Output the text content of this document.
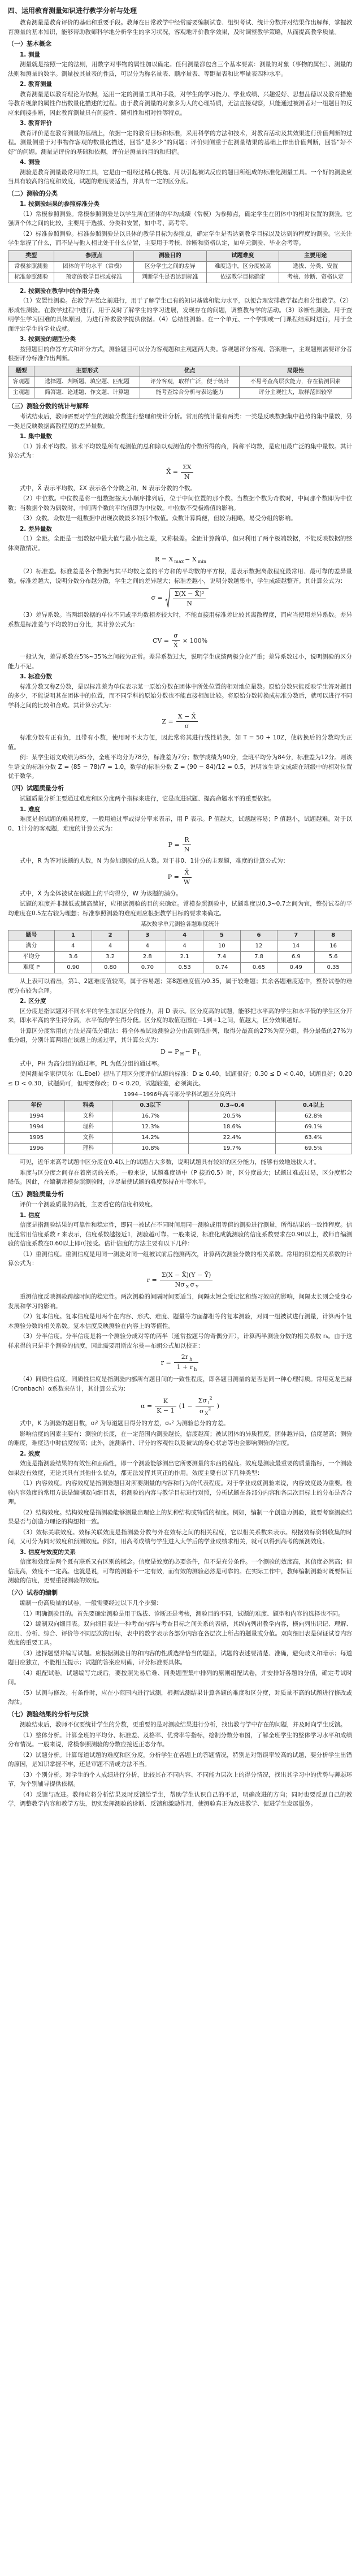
四、运用教育测量知识进行教学分析与处理

教育测量是教育评价的基础和重要手段。教师在日常教学中经常需要编制试卷、组织考试、统计分数并对结果作出解释，掌握教育测量的基本知识，能够帮助教师科学地分析学生的学习状况，客观地评价教学效果，及时调整教学策略，从而提高教学质量。

（一）基本概念
1. 测量

测量就是按照一定的法则，用数字对事物的属性加以确定。任何测量都包含三个基本要素：测量的对象（事物的属性）、测量的法则和测量的数字。测量按其量表的性质，可以分为称名量表、顺序量表、等距量表和比率量表四种水平。

2. 教育测量

教育测量是以教育理论为依据，运用一定的测量工具和手段，对学生的学习能力、学业成绩、兴趣爱好、思想品德以及教育措施等教育现象的属性作出数量化描述的过程。由于教育测量的对象多为人的心理特质，无法直接观察，只能通过被测者对一组题目的反应来间接推断，因此教育测量具有间接性、随机性和相对性等特点。

3. 教育评价

教育评价是在教育测量的基础上，依据一定的教育目标和标准，采用科学的方法和技术，对教育活动及其效果进行价值判断的过程。测量侧重于对事物作客观的数量化描述，回答“是多少”的问题；评价则侧重于在测量结果的基础上作出价值判断，回答“好不好”的问题。测量是评价的基础和依据，评价是测量的目的和归宿。

4. 测验

测验是教育测量最常用的工具，它是由一组经过精心挑选、用以引起被试反应的题目所组成的标准化测量工具。一个好的测验应当具有较高的信度和效度，试题的难度要适当，并具有一定的区分度。

（二）测验的分类
1. 按测验结果的参照标准分类

（1）常模参照测验。常模参照测验是以学生所在团体的平均成绩（常模）为参照点，确定学生在团体中的相对位置的测验。它强调个体之间的比较，主要用于选拔、分类和安置，如中考、高考等。

（2）标准参照测验。标准参照测验是以具体的教学目标为参照点，确定学生是否达到教学目标以及达到的程度的测验。它关注学生掌握了什么，而不是与他人相比处于什么位置，主要用于考核、诊断和资格认定，如单元测验、毕业会考等。

类型	参照点	测验目的	试题难度	主要用途
常模参照测验	团体的平均水平（常模）	区分学生之间的差异	难度适中，区分度较高	选拔、分类、安置
标准参照测验	预定的教学目标或标准	判断学生是否达到标准	依据教学目标确定	考核、诊断、资格认定
2. 按测验在教学中的作用分类

（1）安置性测验。在教学开始之前进行，用于了解学生已有的知识基础和能力水平，以便合理安排教学起点和分组教学。（2）形成性测验。在教学过程中进行，用于及时了解学生的学习进展，发现存在的问题，调整教与学的活动。（3）诊断性测验。用于查明学生学习困难的具体原因，为进行补救教学提供依据。（4）总结性测验。在一个单元、一个学期或一门课程结束时进行，用于全面评定学生的学业成就。

3. 按测验的题型分类

按照题目的作答方式和评分方式，测验题目可以分为客观题和主观题两大类。客观题评分客观、答案唯一，主观题则需要评分者根据评分标准作出判断。

题型	主要形式	优点	局限性
客观题	选择题、判断题、填空题、匹配题	评分客观，取样广泛，便于统计	不易考查高层次能力，存在猜测因素
主观题	简答题、论述题、作文题、计算题	能考查综合分析与表达能力	评分主观性大，取样范围较窄
（三）测验分数的统计与解释

考试结束后，教师需要对学生的测验分数进行整理和统计分析。常用的统计量有两类：一类是反映数据集中趋势的集中量数，另一类是反映数据离散程度的差异量数。

1. 集中量数

（1）算术平均数。算术平均数是所有观测值的总和除以观测值的个数所得的商，简称平均数，是应用最广泛的集中量数。其计算公式为：

X̄ = $\frac{\Sigma X}{N}$

式中，X̄ 表示平均数，ΣX 表示各个分数之和，N 表示分数的个数。

（2）中位数。中位数是将一组数据按大小顺序排列后，位于中间位置的那个数。当数据个数为奇数时，中间那个数即为中位数；当数据个数为偶数时，中间两个数的平均值即为中位数。中位数不受极端值的影响。

（3）众数。众数是一组数据中出现次数最多的那个数值。众数计算简便，但较为粗略，易受分组的影响。

2. 差异量数

（1）全距。全距是一组数据中最大值与最小值之差，又称极差。全距计算简单，但只利用了两个极端数据，不能反映数据的整体离散情况。

R = X $_{max}$ − X $_{min}$

（2）标准差。标准差是各个数据与其平均数之差的平方和的平均数的平方根，是表示数据离散程度最常用、最可靠的差异量数。标准差越大，说明分数分布越分散，学生之间的差异越大；标准差越小，说明分数越集中，学生成绩越整齐。其计算公式为：

$\sigma = \frac{\text{Σ(X − X̄)²}}{N}$

（3）差异系数。当两组数据的单位不同或平均数相差较大时，不能直接用标准差比较其离散程度，而应当使用差异系数。差异系数是标准差与平均数的百分比，其计算公式为：

CV = $\frac{\sigma}{X̄} \times 100\%$

一般认为，差异系数在5%~35%之间较为正常。差异系数过大，说明学生成绩两极分化严重；差异系数过小，说明测验的区分能力不足。

3. 标准分数

标准分数又称Z分数，是以标准差为单位表示某一原始分数在团体中所处位置的相对地位量数。原始分数只能反映学生答对题目的多少，不能说明其在团体中的位置，而不同学科的原始分数也不能直接相加比较。将原始分数转换成标准分数后，就可以进行不同学科之间的比较和合成。其计算公式为：

$Z = \frac{X - X̄}{\sigma}$

标准分数有正有负，且带有小数，使用时不太方便，因此常将其进行线性转换，如 T = 50 + 10Z，使转换后的分数均为正值。

例：某学生语文成绩为85分，全班平均分为78分，标准差为7分；数学成绩为90分，全班平均分为84分，标准差为12分。则该生语文的标准分数 Z = (85 − 78)/7 = 1.0，数学的标准分数 Z = (90 − 84)/12 = 0.5，说明该生语文成绩在班级中的相对位置优于数学。

（四）试题质量分析

试题质量分析主要通过难度和区分度两个指标来进行，它是改进试题、提高命题水平的重要依据。

1. 难度

难度是指试题的难易程度，一般用通过率或得分率来表示，用 P 表示。P 值越大，试题越容易；P 值越小，试题越难。对于以0、1计分的客观题，难度的计算公式为：

$P = \frac{R}{N}$

式中，R 为答对该题的人数，N 为参加测验的总人数。对于非0、1计分的主观题，难度的计算公式为：

$P = \frac{X̄}{W}$

式中，X̄ 为全体被试在该题上的平均得分，W 为该题的满分。

试题的难度并非越低或越高越好，应根据测验的目的来确定。常模参照测验中，试题难度以0.3~0.7之间为宜，整份试卷的平均难度在0.5左右较为理想；标准参照测验的难度则应根据教学目标的要求来确定。

某次数学单元测验各题难度统计
题号	1	2	3	4	5	6	7	8
满分	4	4	4	4	10	12	14	16
平均分	3.6	3.2	2.8	2.1	7.4	7.8	6.9	5.6
难度 P	0.90	0.80	0.70	0.53	0.74	0.65	0.49	0.35

从上表可以看出，第1、2题难度值较高，属于容易题；第8题难度值为0.35，属于较难题；其余各题难度适中，整份试卷的难度分布较为合理。

2. 区分度

区分度是指试题对不同水平的学生加以区分的能力，用 D 表示。区分度高的试题，能够把水平高的学生和水平低的学生区分开来，即水平高的学生得分高，水平低的学生得分低。区分度的取值范围在−1到+1之间，值越大，区分效果越好。

计算区分度常用的方法是高低分组法：将全体被试按测验总分由高到低排列，取得分最高的27%为高分组，得分最低的27%为低分组，分别计算两组在该题上的通过率，其计算公式为：

D = P $_H$ − P $_L$

式中，PH 为高分组的通过率，PL 为低分组的通过率。

美国测量学家伊贝尔（L.Ebel）提出了用区分度评价试题的标准：D ≥ 0.40，试题很好；0.30 ≤ D < 0.40，试题良好；0.20 ≤ D < 0.30，试题尚可，但需要修改；D < 0.20，试题较差，必须淘汰。

1994~1996年高考部分学科试题区分度统计
年份	科类	0.3以下	0.3~0.4	0.4以上
1994	文科	16.7%	20.5%	62.8%
1994	理科	12.3%	18.6%	69.1%
1995	文科	14.2%	22.4%	63.4%
1996	理科	10.8%	19.7%	69.5%

可见，近年来高考试题中区分度在0.4以上的试题占大多数，说明试题具有较好的区分能力，能够有效地选拔人才。

难度与区分度之间存在着密切的关系。一般来说，试题难度适中（P 接近0.5）时，区分度最大；试题过难或过易，区分度都会降低。因此，在编制常模参照测验时，应尽量使试题的难度保持在中等水平。

（五）测验质量分析

评价一个测验质量的高低，主要看它的信度和效度。

1. 信度

信度是指测验结果的可靠性和稳定性，即同一被试在不同时间用同一测验或用等值的测验进行测量，所得结果的一致性程度。信度通常用信度系数 r 来表示，信度系数越接近1，测验越可靠。一般来说，标准化成就测验的信度系数要求在0.90以上，教师自编测验的信度系数在0.60以上即可接受。估计信度的方法主要有以下几种：

（1）重测信度。重测信度是用同一测验对同一组被试前后施测两次，计算两次测验分数的相关系数。常用的积差相关系数的计算公式为：

$r = \frac{\Sigma(X - X̄)(Y - Ȳ)}{N\sigma _X \sigma _Y}$

重测信度反映测验跨越时间的稳定性。两次测验的间隔时间要适当，间隔太短会受记忆和练习效应的影响，间隔太长则会受身心发展和学习的影响。

（2）复本信度。复本信度是用两个在内容、形式、难度、题量等方面都相等的复本测验，对同一组被试进行测量，计算两个复本测验分数的相关系数。复本信度反映测验在内容上的等值性。

（3）分半信度。分半信度是将一个测验分成对等的两半（通常按题号的奇偶分开），计算两半测验分数的相关系数 rₕ。由于这样求得的只是半个测验的信度，因此需要用斯皮尔曼—布朗公式加以校正：

$r = \frac{2r _h}{1 + r _h}$

（4）同质性信度。同质性信度是指测验内部所有题目间的一致性程度，即各题目测量的是否是同一种心理特质。常用克龙巴赫（Cronbach）α系数来估计，其计算公式为：

$\alpha = \frac{K}{K - 1} (1 - \frac{\Sigma\sigma _i^2}{\sigma _X^2}$ )

式中，K 为测验的题目数，σᵢ² 为每道题目得分的方差，σₓ² 为测验总分的方差。

影响信度的因素主要有：测验的长度，在一定范围内测验越长，信度越高；被试团体的异质程度，团体越异质，信度越高；测验的难度，难度适中时信度较高；此外，施测条件、评分的客观性以及被试的身心状态等也会影响测验的信度。

2. 效度

效度是指测验结果的有效性和正确性，即一个测验能够测出它所要测量的东西的程度。效度是测验最重要的质量指标，一个测验如果没有效度，无论其具有其他什么优点，都无法发挥其真正的作用。效度主要有以下几种类型：

（1）内容效度。内容效度是指测验题目对所要测量的内容和行为的代表程度。对于学业成就测验来说，内容效度最为重要。检验内容效度的常用方法是编制双向细目表，将测验的内容与教学目标进行对照，分析试题在各部分内容和各层次目标上的分布是否合理。

（2）结构效度。结构效度是指测验能够测量出理论上的某种结构或特质的程度。例如，编制一个创造力测验，就要考察测验结果是否与创造力理论的构想相一致。

（3）效标关联效度。效标关联效度是指测验分数与外在效标之间的相关程度，它以相关系数来表示。根据效标资料收集的时间，又可分为同时效度和预测效度。例如，用高考成绩与学生进入大学后的学业成绩求相关，就可以得到高考的预测效度。

3. 信度与效度的关系

信度和效度是两个既有联系又有区别的概念。信度是效度的必要条件，但不是充分条件。一个测验的效度高，其信度必然高；但信度高，效度不一定高。也就是说，可靠的测验不一定有效，而有效的测验必然是可靠的。在实际工作中，教师编制测验时既要保证测验的信度，更要重视测验的效度。

（六）试卷的编制

编制一份高质量的试卷，一般需要经过以下几个步骤：

（1）明确测验目的。首先要确定测验是用于选拔、诊断还是考核，测验目的不同，试题的难度、题型和内容的选择也不同。

（2）编制双向细目表。双向细目表是一种考查内容与考查目标之间关系的表格，其纵向列出教学内容，横向列出识记、理解、应用、分析、综合、评价等不同层次的目标，表中的数字表示各部分内容在各层次上所占的题量或分值。双向细目表是保证试卷内容效度的重要工具。

（3）选择题型并编写试题。应根据测验目的和内容的性质选择恰当的题型，试题的表述要清楚、准确，避免歧义和暗示；每道题目应独立，不能相互提示；试题的答案应明确，评分标准要具体。

（4）组配试卷。试题编写完成后，要按照先易后难、同类题型集中排列的原则组配试卷，并安排好各题的分值，确定考试时间。

（5）试测与修改。有条件时，应在小范围内进行试测，根据试测结果计算各题的难度和区分度，对质量不高的试题进行修改或淘汰。

（七）测验结果的分析与反馈

测验结束后，教师不仅要统计学生的分数，更重要的是对测验结果进行分析，找出教与学中存在的问题，并及时向学生反馈。

（1）整体分析。计算全班的平均分、标准差、及格率、优秀率等指标，绘制分数分布图，了解全班学生的整体学习水平和成绩分布情况。一般来说，常模参照测验的分数应接近正态分布。

（2）试题分析。计算每道试题的难度和区分度，分析学生在各题上的答题情况，特别是对错误率较高的试题，要分析学生出错的原因，是知识掌握不牢，还是审题不清或方法不当。

（3）个别分析。对学生的个人成绩进行分析，比较其在不同内容、不同能力层次上的得分情况，找出其学习中的优势与薄弱环节，为个别辅导提供依据。

（4）反馈与改进。教师应将分析结果及时反馈给学生，帮助学生认识自己的不足，明确改进的方向；同时也要反思自己的教学，调整教学内容和教学方法，切实发挥测验的诊断、反馈和激励作用，使测验真正为改进教学、促进学生发展服务。
